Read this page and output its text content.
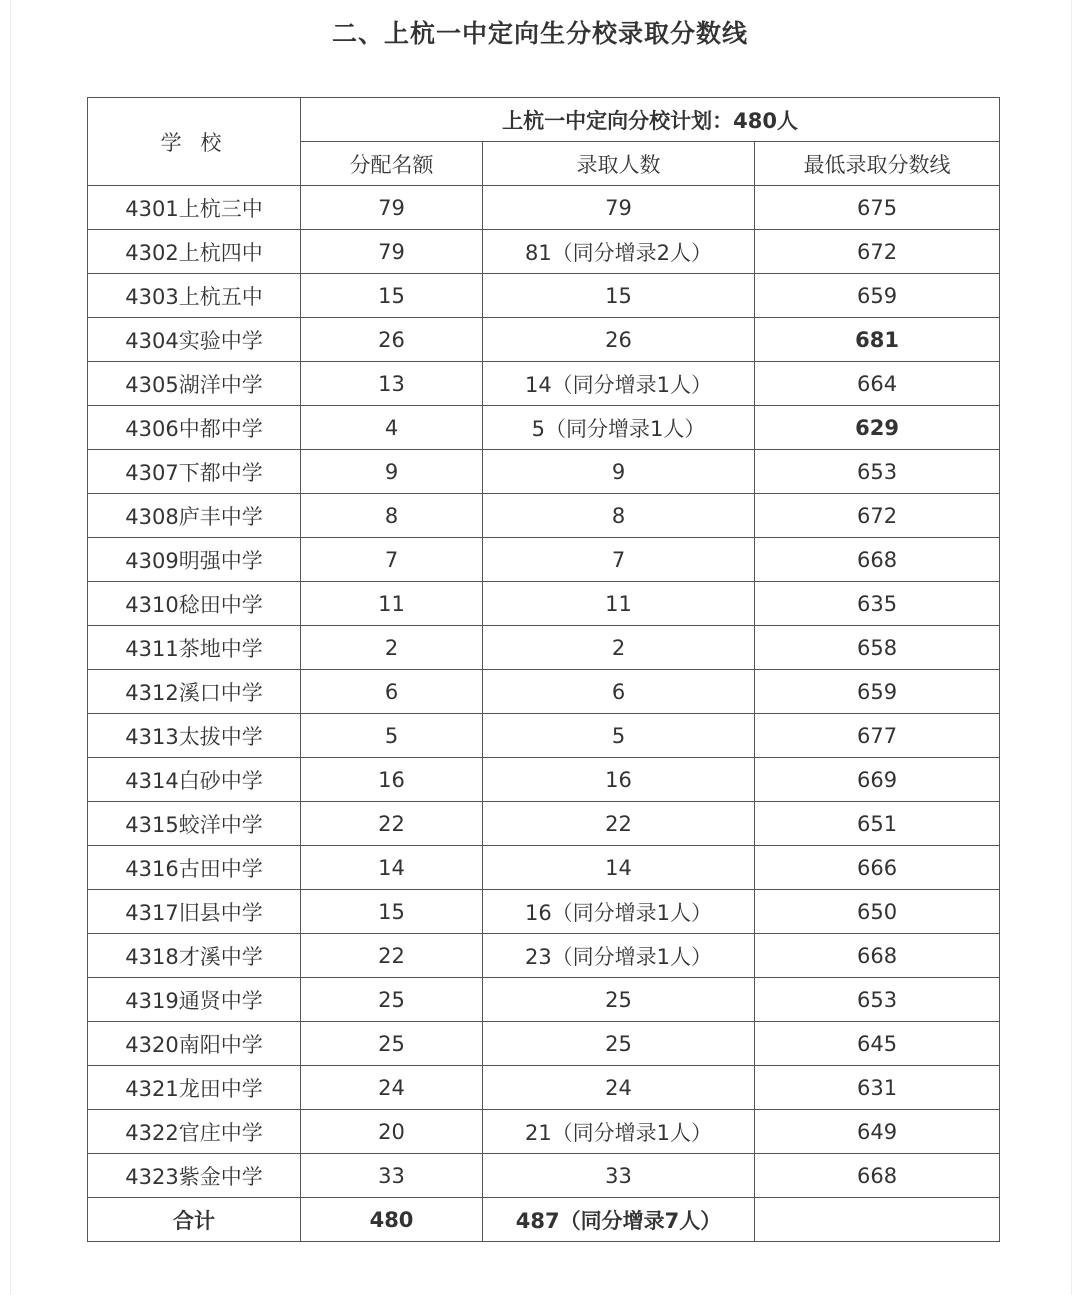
二、上杭一中定向生分校录取分数线
学 校	上杭一中定向分校计划：480人		
	分配名额	录取人数	最低录取分数线
4301上杭三中	79	79	675
4302上杭四中	79	81（同分增录2人）	672
4303上杭五中	15	15	659
4304实验中学	26	26	681
4305湖洋中学	13	14（同分增录1人）	664
4306中都中学	4	5（同分增录1人）	629
4307下都中学	9	9	653
4308庐丰中学	8	8	672
4309明强中学	7	7	668
4310稔田中学	11	11	635
4311茶地中学	2	2	658
4312溪口中学	6	6	659
4313太拔中学	5	5	677
4314白砂中学	16	16	669
4315蛟洋中学	22	22	651
4316古田中学	14	14	666
4317旧县中学	15	16（同分增录1人）	650
4318才溪中学	22	23（同分增录1人）	668
4319通贤中学	25	25	653
4320南阳中学	25	25	645
4321龙田中学	24	24	631
4322官庄中学	20	21（同分增录1人）	649
4323紫金中学	33	33	668
合计	480	487（同分增录7人）	
